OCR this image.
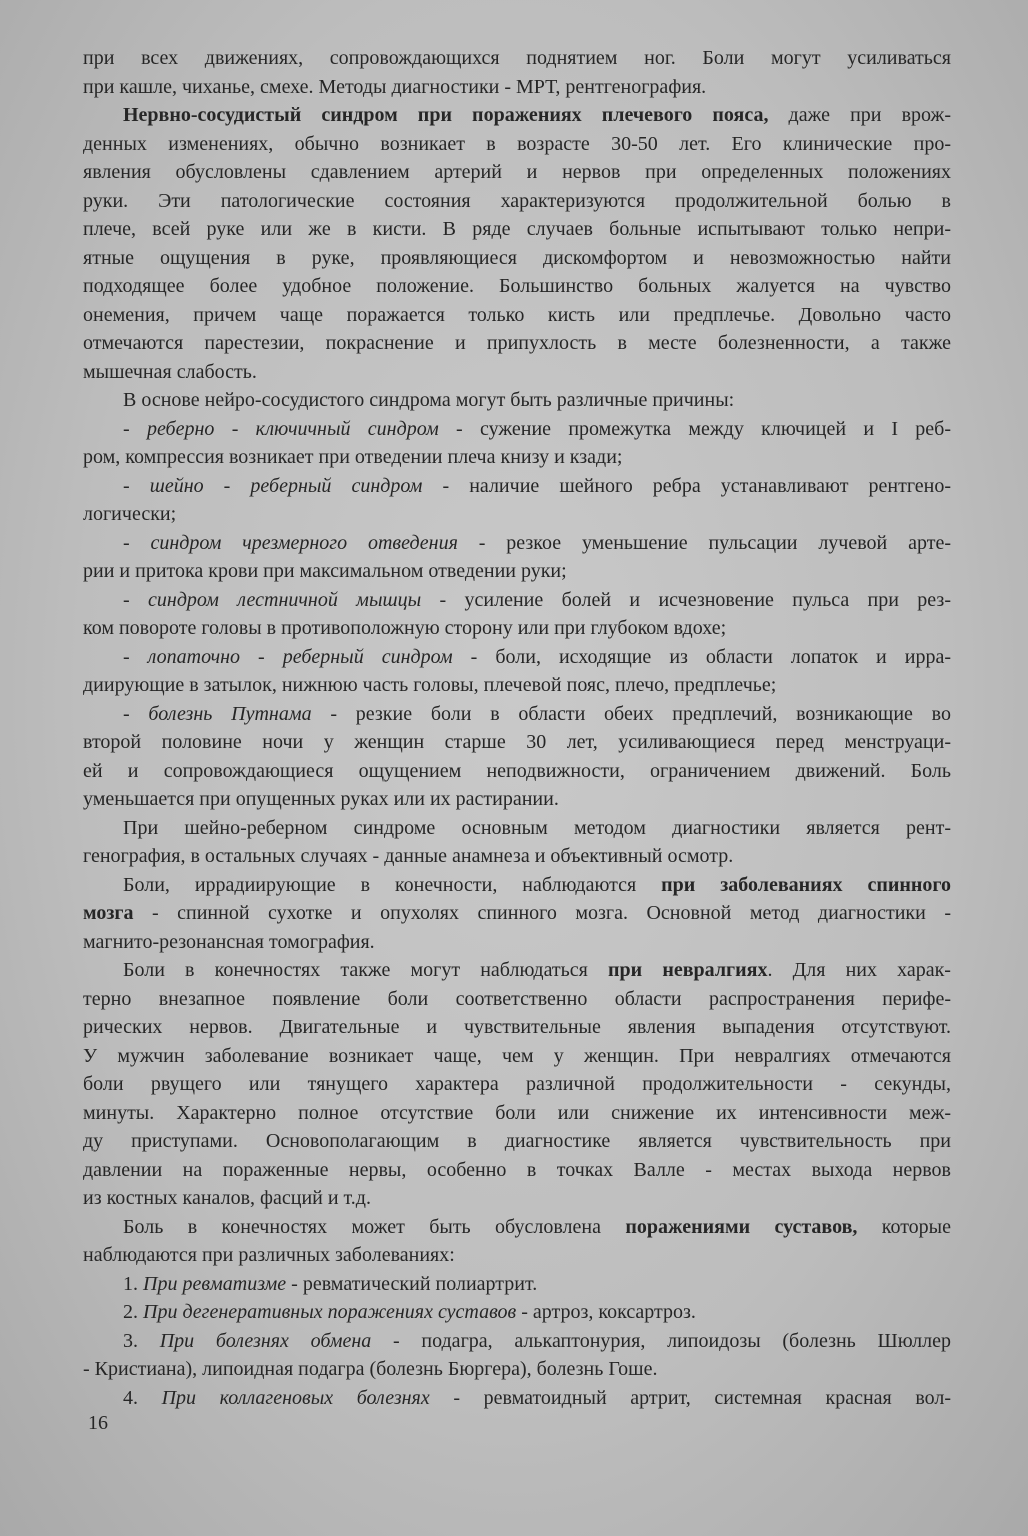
при всех движениях, сопровождающихся поднятием ног. Боли могут усиливаться
при кашле, чиханье, смехе. Методы диагностики - МРТ, рентгенография.
Нервно-сосудистый синдром при поражениях плечевого пояса, даже при врож-
денных изменениях, обычно возникает в возрасте 30-50 лет. Его клинические про-
явления обусловлены сдавлением артерий и нервов при определенных положениях
руки. Эти патологические состояния характеризуются продолжительной болью в
плече, всей руке или же в кисти. В ряде случаев больные испытывают только непри-
ятные ощущения в руке, проявляющиеся дискомфортом и невозможностью найти
подходящее более удобное положение. Большинство больных жалуется на чувство
онемения, причем чаще поражается только кисть или предплечье. Довольно часто
отмечаются парестезии, покраснение и припухлость в месте болезненности, а также
мышечная слабость.
В основе нейро-сосудистого синдрома могут быть различные причины:
- реберно - ключичный синдром - сужение промежутка между ключицей и I реб-
ром, компрессия возникает при отведении плеча книзу и кзади;
- шейно - реберный синдром - наличие шейного ребра устанавливают рентгено-
логически;
- синдром чрезмерного отведения - резкое уменьшение пульсации лучевой арте-
рии и притока крови при максимальном отведении руки;
- синдром лестничной мышцы - усиление болей и исчезновение пульса при рез-
ком повороте головы в противоположную сторону или при глубоком вдохе;
- лопаточно - реберный синдром - боли, исходящие из области лопаток и ирра-
диирующие в затылок, нижнюю часть головы, плечевой пояс, плечо, предплечье;
- болезнь Путнама - резкие боли в области обеих предплечий, возникающие во
второй половине ночи у женщин старше 30 лет, усиливающиеся перед менструаци-
ей и сопровождающиеся ощущением неподвижности, ограничением движений. Боль
уменьшается при опущенных руках или их растирании.
При шейно-реберном синдроме основным методом диагностики является рент-
генография, в остальных случаях - данные анамнеза и объективный осмотр.
Боли, иррадиирующие в конечности, наблюдаются при заболеваниях спинного
мозга - спинной сухотке и опухолях спинного мозга. Основной метод диагностики -
магнито-резонансная томография.
Боли в конечностях также могут наблюдаться при невралгиях. Для них харак-
терно внезапное появление боли соответственно области распространения перифе-
рических нервов. Двигательные и чувствительные явления выпадения отсутствуют.
У мужчин заболевание возникает чаще, чем у женщин. При невралгиях отмечаются
боли рвущего или тянущего характера различной продолжительности - секунды,
минуты. Характерно полное отсутствие боли или снижение их интенсивности меж-
ду приступами. Основополагающим в диагностике является чувствительность при
давлении на пораженные нервы, особенно в точках Валле - местах выхода нервов
из костных каналов, фасций и т.д.
Боль в конечностях может быть обусловлена поражениями суставов, которые
наблюдаются при различных заболеваниях:
1. При ревматизме - ревматический полиартрит.
2. При дегенеративных поражениях суставов - артроз, коксартроз.
3. При болезнях обмена - подагра, алькаптонурия, липоидозы (болезнь Шюллер
- Кристиана), липоидная подагра (болезнь Бюргера), болезнь Гоше.
4. При коллагеновых болезнях - ревматоидный артрит, системная красная вол-
16
